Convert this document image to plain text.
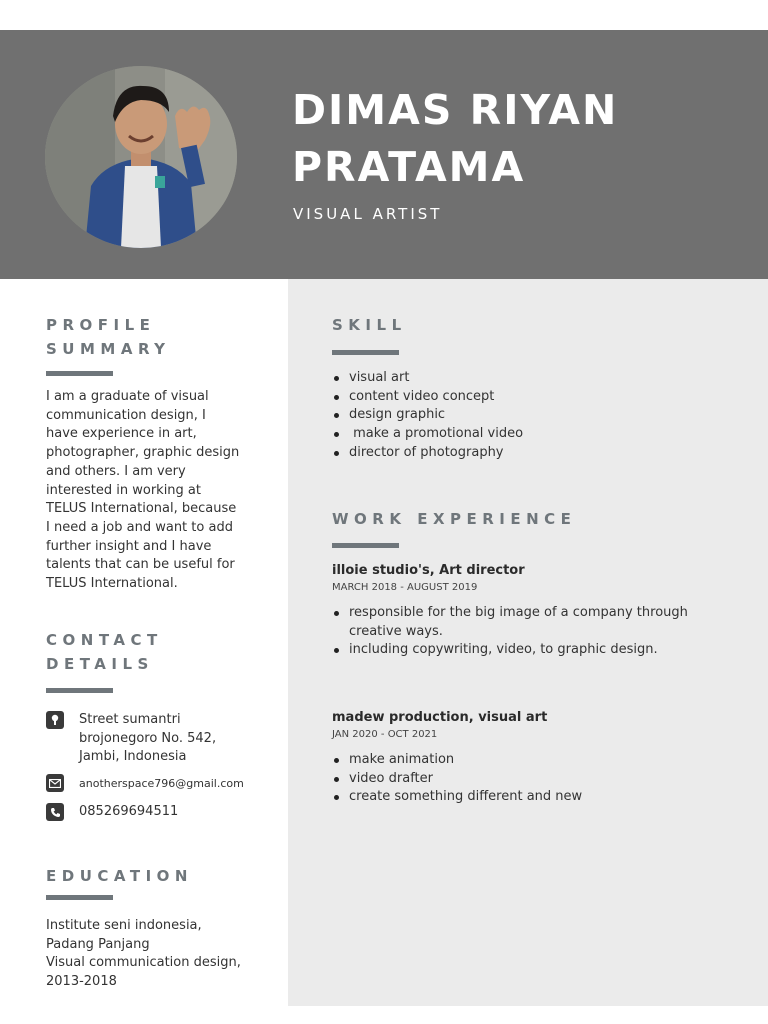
DIMAS RIYAN
PRATAMA
VISUAL ARTIST
PROFILE
SUMMARY
I am a graduate of visual
communication design, I
have experience in art,
photographer, graphic design
and others. I am very
interested in working at
TELUS International, because
I need a job and want to add
further insight and I have
talents that can be useful for
TELUS International.
CONTACT
DETAILS
Street sumantri
brojonegoro No. 542,
Jambi, Indonesia
anotherspace796@gmail.com
085269694511
EDUCATION
Institute seni indonesia,
Padang Panjang
Visual communication design,
2013-2018
SKILL
visual art
content video concept
design graphic
make a promotional video
director of photography
WORK EXPERIENCE
illoie studio's, Art director
MARCH 2018 - AUGUST 2019
responsible for the big image of a company through creative ways.
including copywriting, video, to graphic design.
madew production, visual art
JAN 2020 - OCT 2021
make animation
video drafter
create something different and new
